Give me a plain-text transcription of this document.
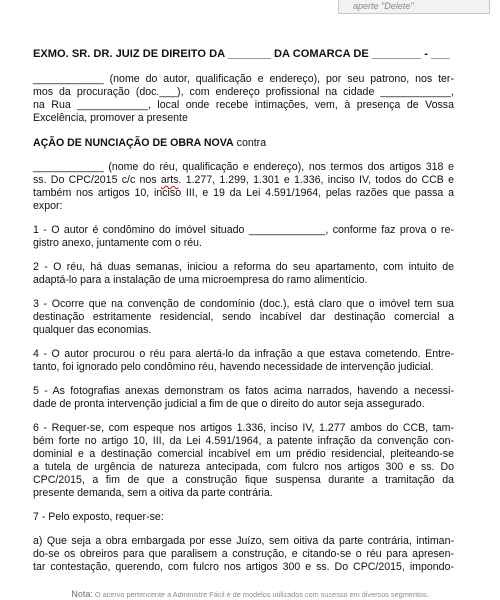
aperte "Delete"
EXMO. SR. DR. JUIZ DE DIREITO DA _______ DA COMARCA DE ________ - ___

____________ (nome do autor, qualificação e endereço), por seu patrono, nos ter-

mos da procuração (doc.___), com endereço profissional na cidade ____________,

na Rua ____________, local onde recebe intimações, vem, à presença de Vossa

Excelência, promover a presente

AÇÃO DE NUNCIAÇÃO DE OBRA NOVA contra

____________ (nome do réu, qualificação e endereço), nos termos dos artigos 318 e

ss. Do CPC/2015 c/c nos arts. 1.277, 1.299, 1.301 e 1.336, inciso IV, todos do CCB e

também nos artigos 10, inciso III, e 19 da Lei 4.591/1964, pelas razões que passa a

expor:

1 - O autor é condômino do imóvel situado _____________, conforme faz prova o re-

gistro anexo, juntamente com o réu.

2 - O réu, há duas semanas, iniciou a reforma do seu apartamento, com intuito de

adaptá-lo para a instalação de uma microempresa do ramo alimentício.

3 - Ocorre que na convenção de condomínio (doc.), está claro que o imóvel tem sua

destinação estritamente residencial, sendo incabível dar destinação comercial a

qualquer das economias.

4 - O autor procurou o réu para alertá-lo da infração a que estava cometendo. Entre-

tanto, foi ignorado pelo condômino réu, havendo necessidade de intervenção judicial.

5 - As fotografias anexas demonstram os fatos acima narrados, havendo a necessi-

dade de pronta intervenção judicial a fim de que o direito do autor seja assegurado.

6 - Requer-se, com espeque nos artigos 1.336, inciso IV, 1.277 ambos do CCB, tam-

bém forte no artigo 10, III, da Lei 4.591/1964, a patente infração da convenção con-

dominial e a destinação comercial incabível em um prédio residencial, pleiteando-se

a tutela de urgência de natureza antecipada, com fulcro nos artigos 300 e ss. Do

CPC/2015, a fim de que a construção fique suspensa durante a tramitação da

presente demanda, sem a oitiva da parte contrária.

7 - Pelo exposto, requer-se:

a) Que seja a obra embargada por esse Juízo, sem oitiva da parte contrária, intiman-

do-se os obreiros para que paralisem a construção, e citando-se o réu para apresen-

tar contestação, querendo, com fulcro nos artigos 300 e ss. Do CPC/2015, impondo-

Nota: O acervo pertencente a Administre Fácil é de modelos utilizados com sucesso em diversos segmentos.
